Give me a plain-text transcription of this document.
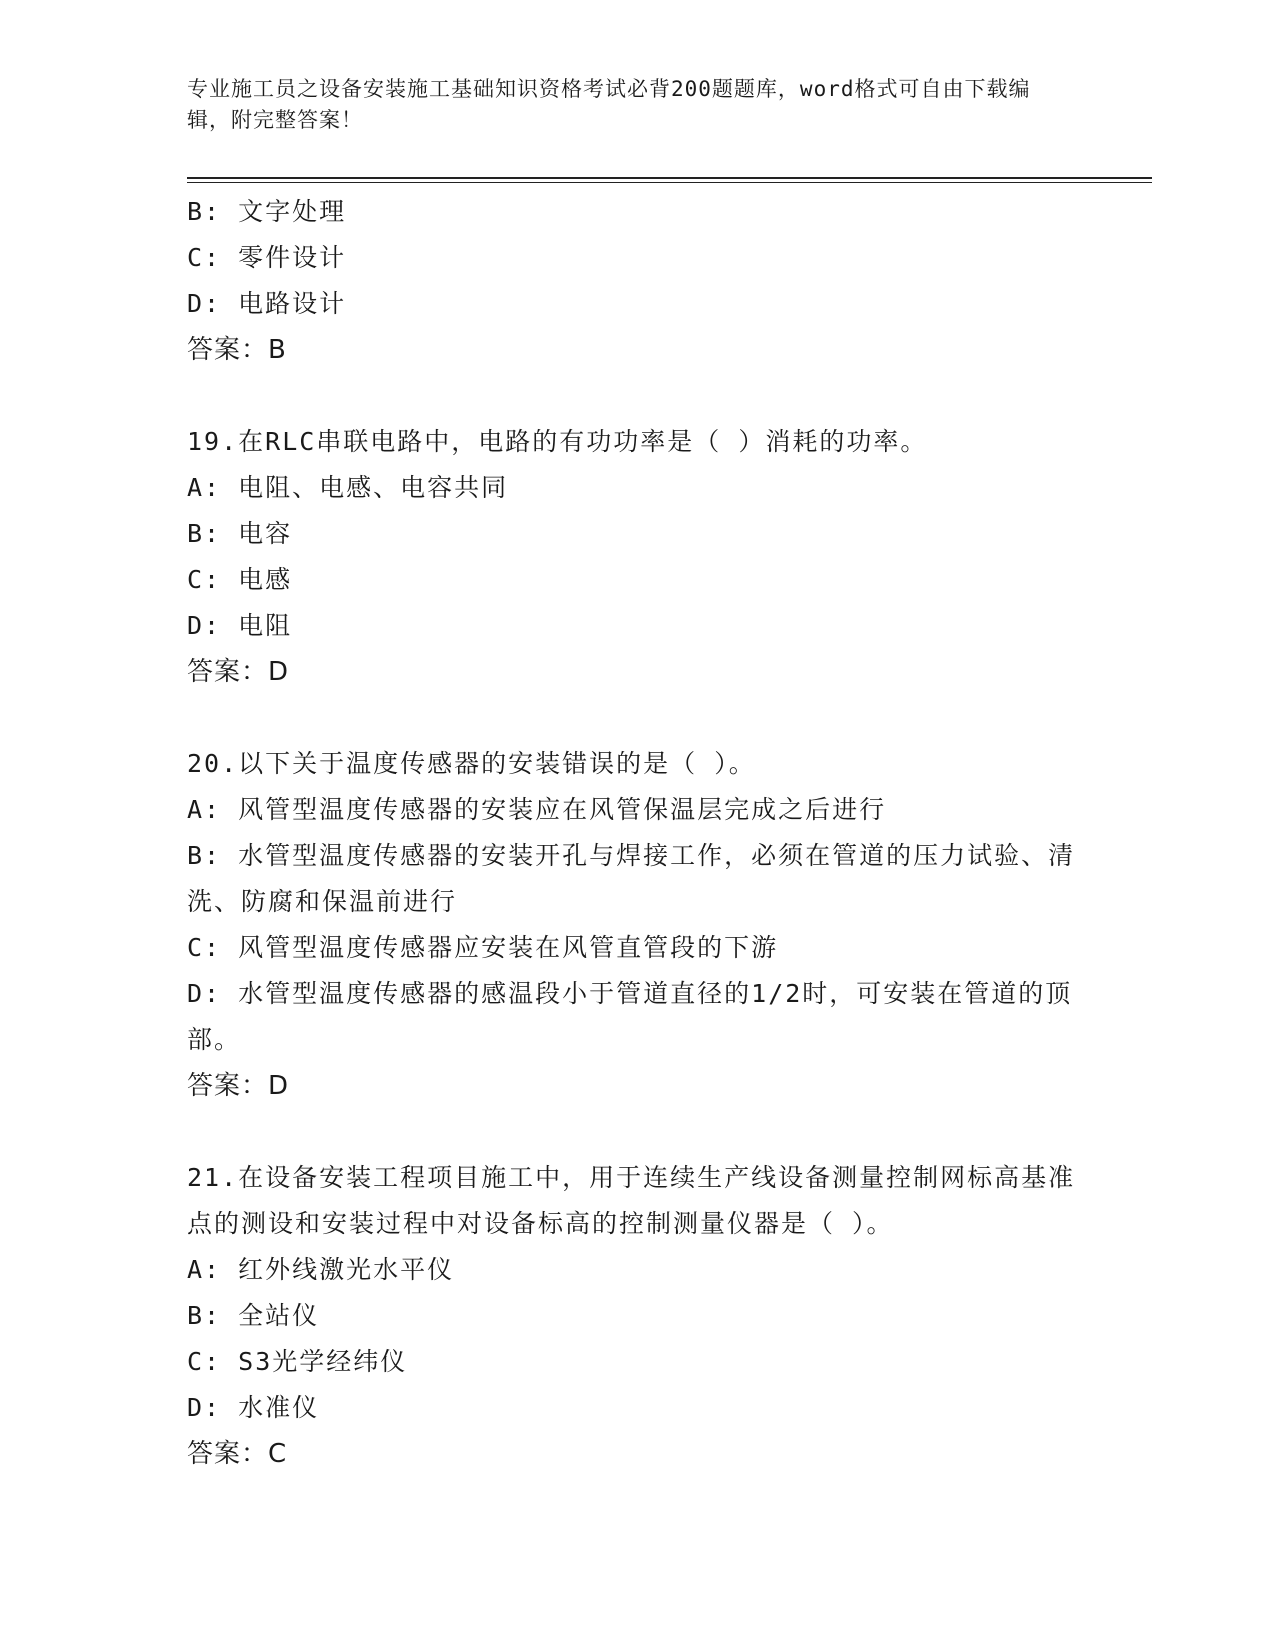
专业施工员之设备安装施工基础知识资格考试必背200题题库，word格式可自由下载编辑，附完整答案！
B: 文字处理
C: 零件设计
D: 电路设计
答案：B
19.在RLC串联电路中，电路的有功功率是（ ）消耗的功率。
A: 电阻、电感、电容共同
B: 电容
C: 电感
D: 电阻
答案：D
20.以下关于温度传感器的安装错误的是（ ）。
A: 风管型温度传感器的安装应在风管保温层完成之后进行
B: 水管型温度传感器的安装开孔与焊接工作，必须在管道的压力试验、清洗、防腐和保温前进行
C: 风管型温度传感器应安装在风管直管段的下游
D: 水管型温度传感器的感温段小于管道直径的1/2时，可安装在管道的顶部。
答案：D
21.在设备安装工程项目施工中，用于连续生产线设备测量控制网标高基准点的测设和安装过程中对设备标高的控制测量仪器是（ ）。
A: 红外线激光水平仪
B: 全站仪
C: S3光学经纬仪
D: 水准仪
答案：C
